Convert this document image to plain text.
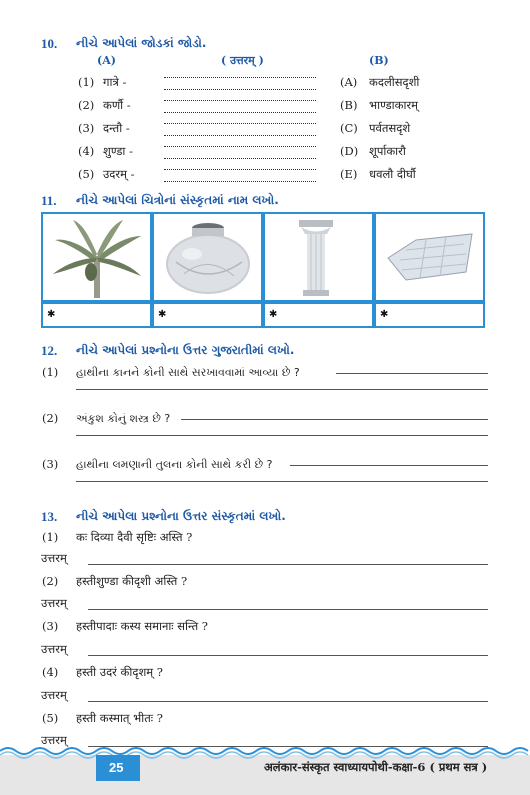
10. નીચે આપેલાં જોડકાં જોડો.
(A)	( उत्तरम् )	(B)
(1) गात्रे -	(A) कदलीसदृशी
(2) कर्णौ -	(B) भाण्डाकारम्
(3) दन्तौ -	(C) पर्वतसदृशे
(4) शुण्डा -	(D) शूर्पाकारौ
(5) उदरम् -	(E) धवलौ दीर्घौ
11. નીચે આપેલાં ચિત્રોનાં સંસ્કૃતમાં નામ લખો.
✱	✱	✱	✱
12. નીચે આપેલાં પ્રશ્નોના ઉત્તર ગુજરાતીમાં લખો.
(1) હાથીના કાનને કોની સાથે સરખાવવામાં આવ્યા છે ?
(2) અંકુશ કોનું શસ્ત્ર છે ?
(3) હાથીના લમણાની તુલના કોની સાથે કરી છે ?
13. નીચે આપેલા પ્રશ્નોના ઉત્તર સંસ્કૃતમાં લખો.
(1) कः दिव्या दैवी सृष्टिः अस्ति ?
उत्तरम्
(2) हस्तीशुण्डा कीदृशी अस्ति ?
उत्तरम्
(3) हस्तीपादाः कस्य समानाः सन्ति ?
उत्तरम्
(4) हस्ती उदरं कीदृशम् ?
उत्तरम्
(5) हस्ती कस्मात् भीतः ?
उत्तरम्
25	अलंकार-संस्कृत स्वाध्यायपोथी-कक्षा-6 ( प्रथम सत्र )
